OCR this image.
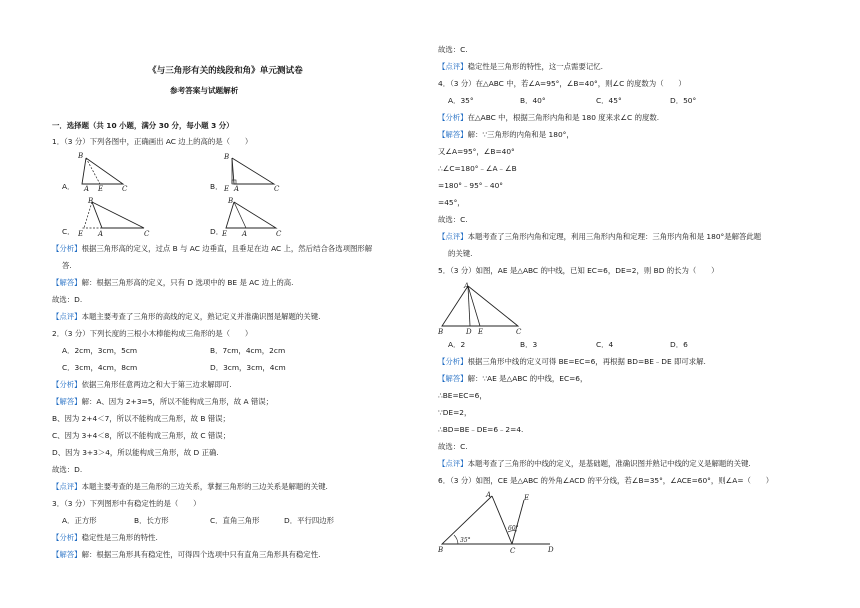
《与三角形有关的线段和角》单元测试卷
参考答案与试题解析
一．选择题（共 10 小题，满分 30 分，每小题 3 分）
1．（3 分）下列各图中，正确画出 AC 边上的高的是（　　）
A．
B
A E	C	B．
B
A
E	C
C．
B
E A	C	D．
B
E A	C
【分析】根据三角形高的定义，过点 B 与 AC 边垂直，且垂足在边 AC 上，然后结合各选项图形解
答.
【解答】解：根据三角形高的定义，只有 D 选项中的 BE 是 AC 边上的高.
故选：D.
【点评】本题主要考查了三角形的高线的定义，熟记定义并准确识图是解题的关键.
2．（3 分）下列长度的三根小木棒能构成三角形的是（　　）
A．2cm，3cm，5cm	B．7cm，4cm，2cm
C．3cm，4cm，8cm	D．3cm，3cm，4cm
【分析】依据三角形任意两边之和大于第三边求解即可.
【解答】解：A、因为 2+3=5，所以不能构成三角形，故 A 错误；
B、因为 2+4＜7，所以不能构成三角形，故 B 错误；
C、因为 3+4＜8，所以不能构成三角形，故 C 错误；
D、因为 3+3＞4，所以能构成三角形，故 D 正确.
故选：D.
【点评】本题主要考查的是三角形的三边关系，掌握三角形的三边关系是解题的关键.
3．（3 分）下列图形中有稳定性的是（　　）
A．正方形	B．长方形	C．直角三角形	D．平行四边形
【分析】稳定性是三角形的特性.
【解答】解：根据三角形具有稳定性，可得四个选项中只有直角三角形具有稳定性.
故选：C.
【点评】稳定性是三角形的特性，这一点需要记忆.
4．（3 分）在△ABC 中，若∠A=95°，∠B=40°，则∠C 的度数为（　　）
A．35°	B．40°	C．45°	D．50°
【分析】在△ABC 中，根据三角形内角和是 180 度来求∠C 的度数.
【解答】解：∵三角形的内角和是 180°，
又∠A=95°，∠B=40°
∴∠C=180°﹣∠A﹣∠B
=180°﹣95°﹣40°
=45°，
故选：C.
【点评】本题考查了三角形内角和定理，利用三角形内角和定理：三角形内角和是 180°是解答此题
的关键.
5．（3 分）如图，AE 是△ABC 的中线，已知 EC=6，DE=2，则 BD 的长为（　　）
A
B	D E	C
A．2	B．3	C．4	D．6
【分析】根据三角形中线的定义可得 BE=EC=6，再根据 BD=BE﹣DE 即可求解.
【解答】解：∵AE 是△ABC 的中线，EC=6，
∴BE=EC=6，
∵DE=2，
∴BD=BE﹣DE=6﹣2=4.
故选：C.
【点评】本题考查了三角形的中线的定义，是基础题，准确识图并熟记中线的定义是解题的关键.
6．（3 分）如图，CE 是△ABC 的外角∠ACD 的平分线，若∠B=35°，∠ACE=60°，则∠A=（　　）
A	E
60°
35°
B	C	D
